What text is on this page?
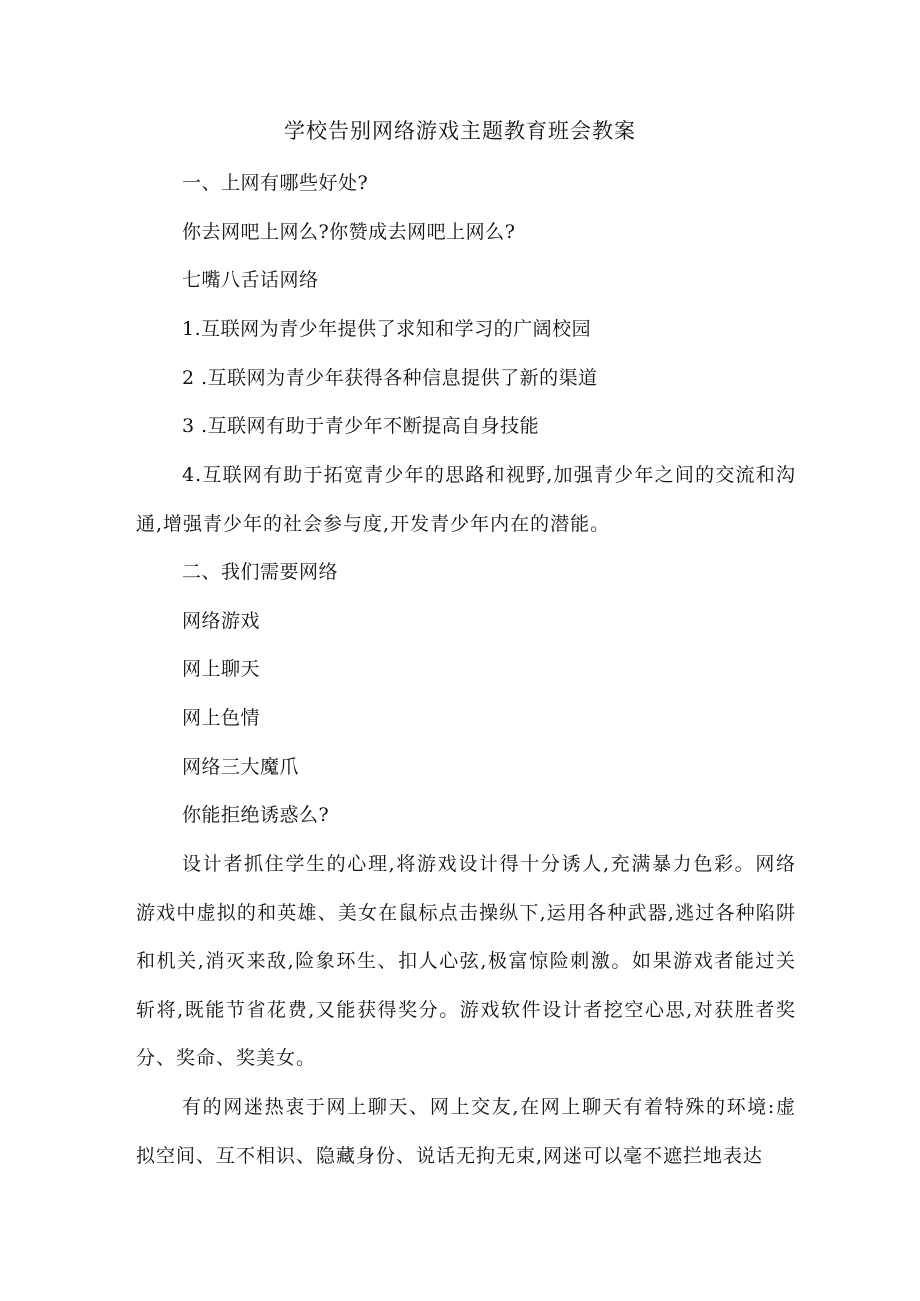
学校告别网络游戏主题教育班会教案
一、上网有哪些好处?
你去网吧上网么?你赞成去网吧上网么?
七嘴八舌话网络
1.互联网为青少年提供了求知和学习的广阔校园
2 .互联网为青少年获得各种信息提供了新的渠道
3 .互联网有助于青少年不断提高自身技能
4.互联网有助于拓宽青少年的思路和视野,加强青少年之间的交流和沟通,增强青少年的社会参与度,开发青少年内在的潜能。
二、我们需要网络
网络游戏
网上聊天
网上色情
网络三大魔爪
你能拒绝诱惑么?
设计者抓住学生的心理,将游戏设计得十分诱人,充满暴力色彩。网络游戏中虚拟的和英雄、美女在鼠标点击操纵下,运用各种武器,逃过各种陷阱和机关,消灭来敌,险象环生、扣人心弦,极富惊险刺激。如果游戏者能过关斩将,既能节省花费,又能获得奖分。游戏软件设计者挖空心思,对获胜者奖分、奖命、奖美女。
有的网迷热衷于网上聊天、网上交友,在网上聊天有着特殊的环境:虚拟空间、互不相识、隐藏身份、说话无拘无束,网迷可以毫不遮拦地表达
